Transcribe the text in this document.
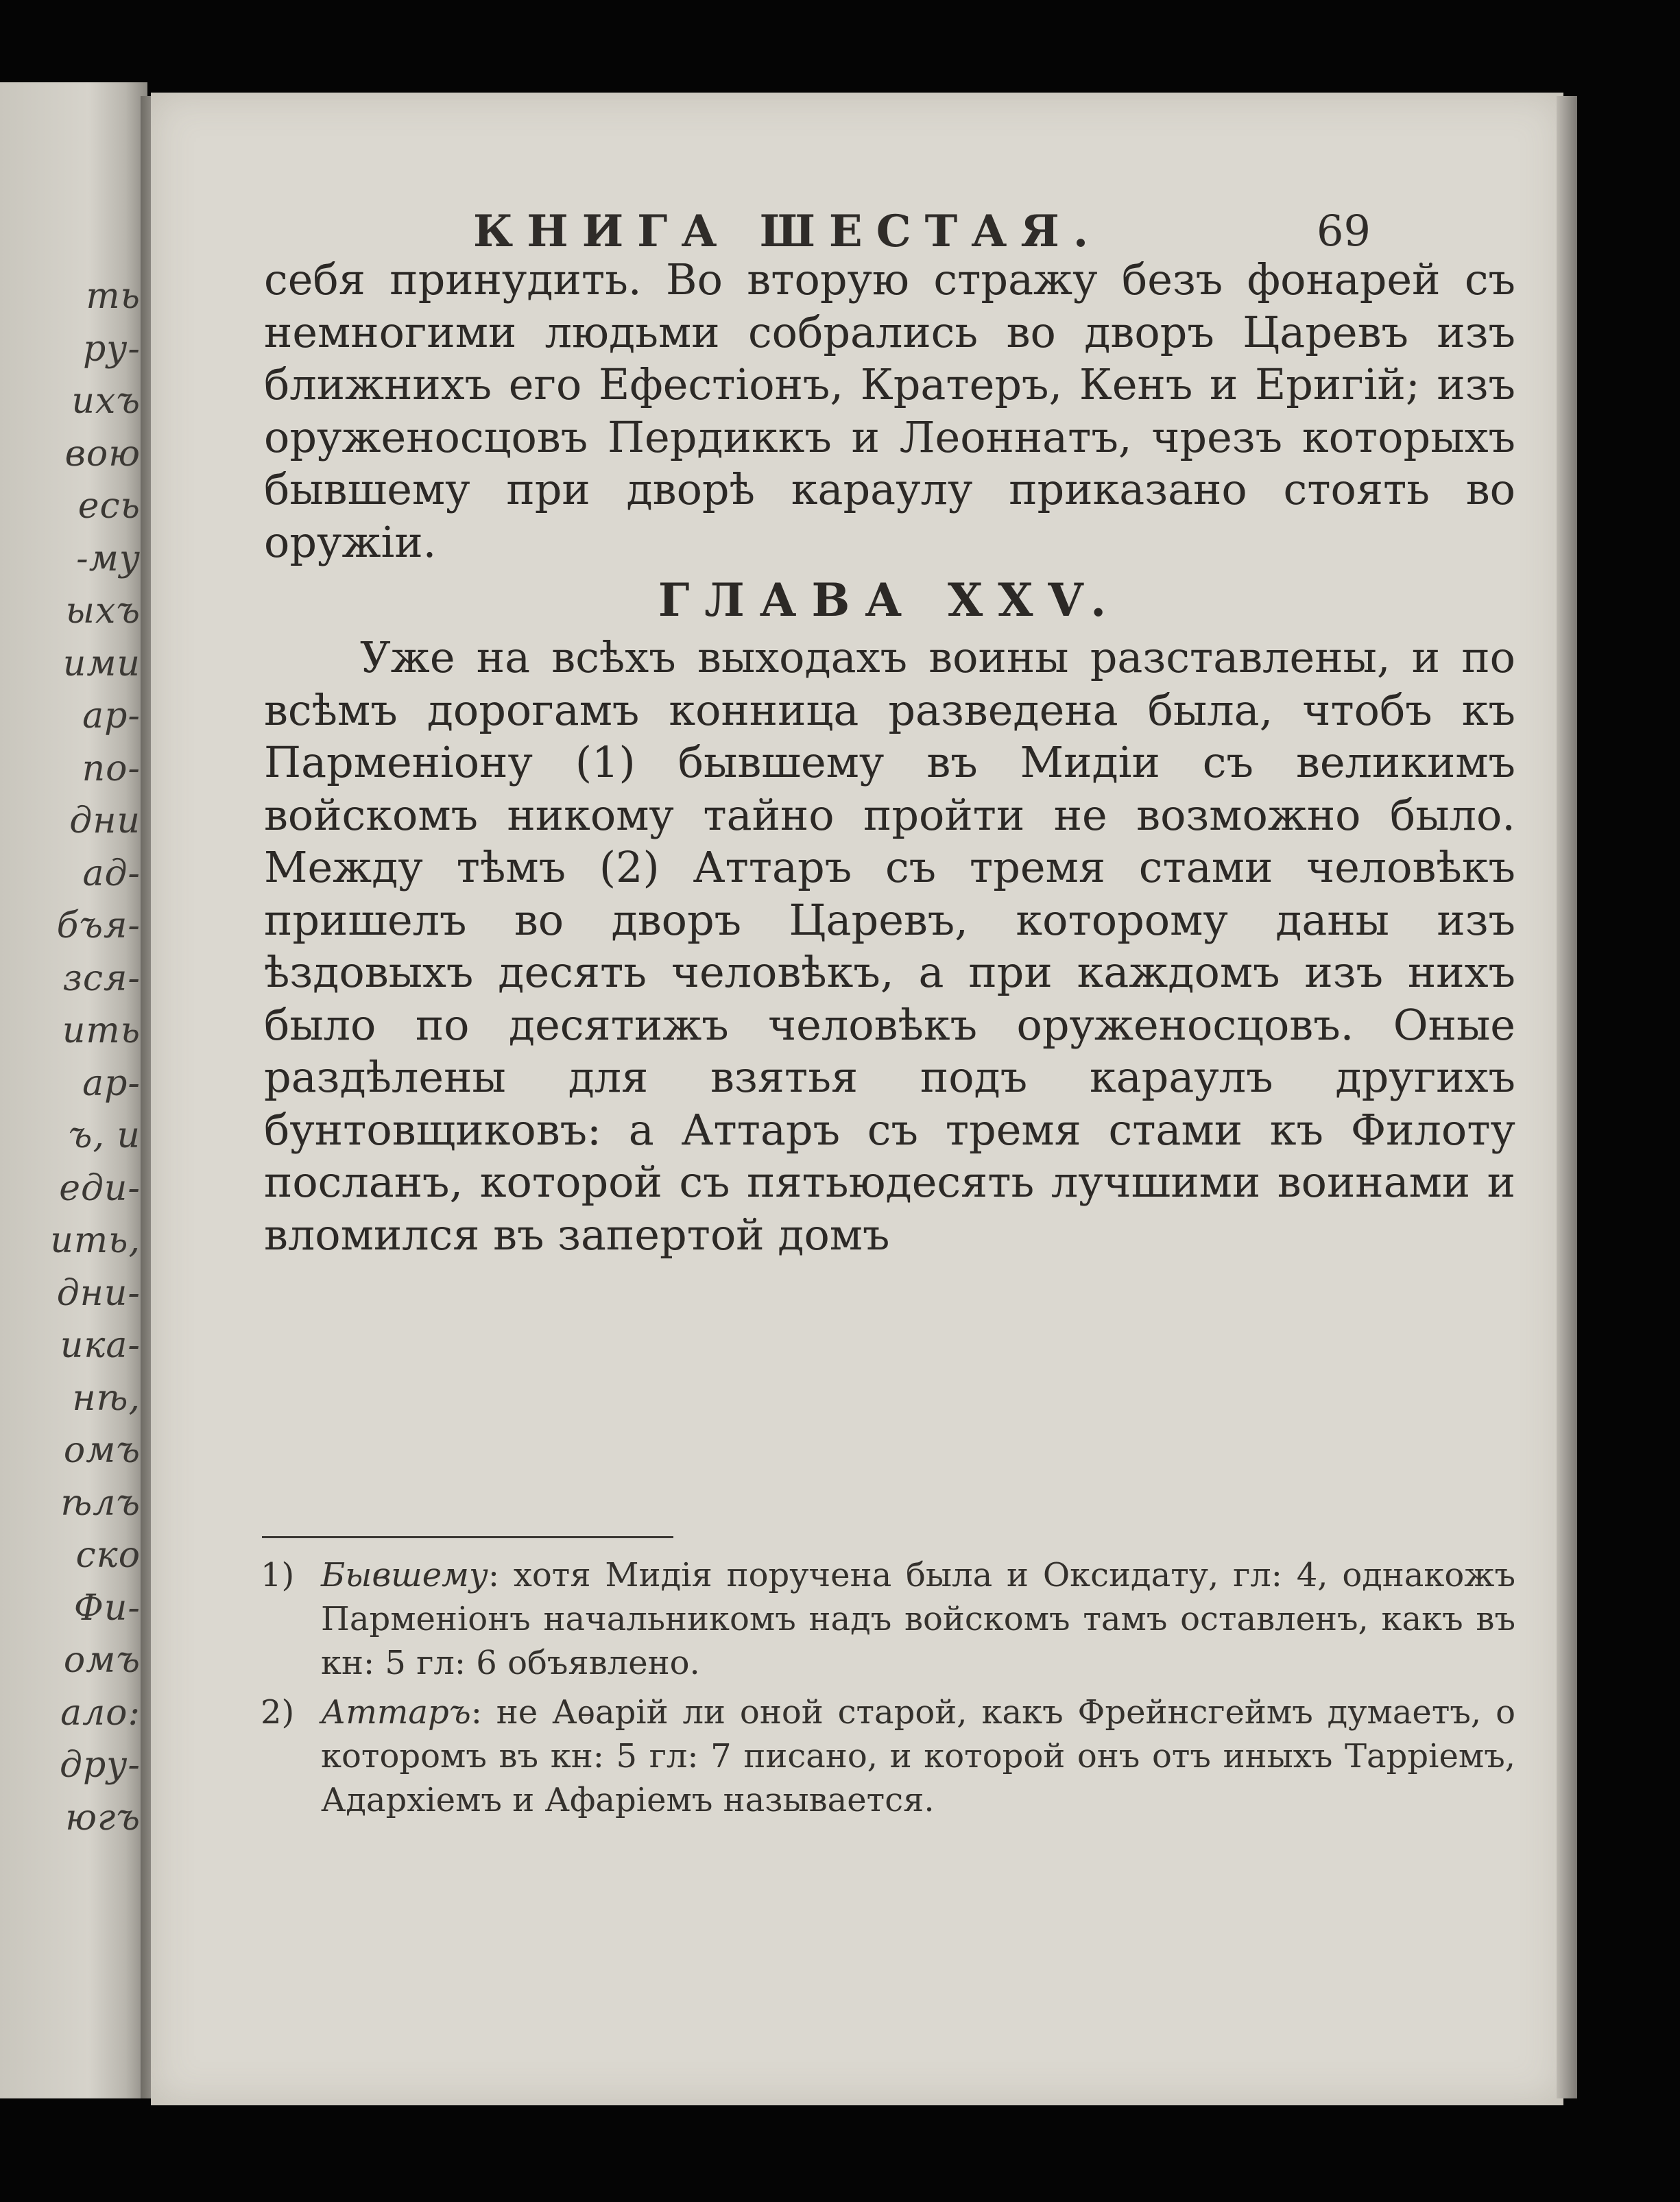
ть
ру-
ихъ
вою
есь
-му
ыхъ
ими
ар-
по-
дни
ад-
бъя-
зся-
ить
ар-
ъ, и
еди-
ить,
дни-
ика-
нѣ,
омъ
ѣлъ
ско
Фи-
омъ
ало:
дру-
югъ
КНИГА ШЕСТАЯ.	69

себя принудить. Во вторую стражу безъ фонарей съ немногими людьми собрались во дворъ Царевъ изъ ближнихъ его Ефестіонъ, Кратеръ, Кенъ и Еригій; изъ оруженосцовъ Пердиккъ и Леоннатъ, чрезъ которыхъ бывшему при дворѣ караулу приказано стоять во оружіи.

ГЛАВА XXV.

Уже на всѣхъ выходахъ воины разставлены, и по всѣмъ дорогамъ конница разведена была, чтобъ къ Парменіону (1) бывшему въ Мидіи съ великимъ войскомъ никому тайно пройти не возможно было. Между тѣмъ (2) Аттаръ съ тремя стами человѣкъ пришелъ во дворъ Царевъ, которому даны изъ ѣздовыхъ десять человѣкъ, а при каждомъ изъ нихъ было по десятижъ человѣкъ оруженосцовъ. Оные раздѣлены для взятья подъ караулъ другихъ бунтовщиковъ: а Аттаръ съ тремя стами къ Филоту посланъ, которой съ пятьюдесять лучшими воинами и вломился въ запертой домъ

1) Бывшему: хотя Мидія поручена была и Оксидату, гл: 4, однакожъ Парменіонъ начальникомъ надъ войскомъ тамъ оставленъ, какъ въ кн: 5 гл: 6 объявлено.

2) Аттаръ: не Аѳарій ли оной старой, какъ Фрейнсгеймъ думаетъ, о которомъ въ кн: 5 гл: 7 писано, и которой онъ отъ иныхъ Тарріемъ, Адархіемъ и Афаріемъ называется.
